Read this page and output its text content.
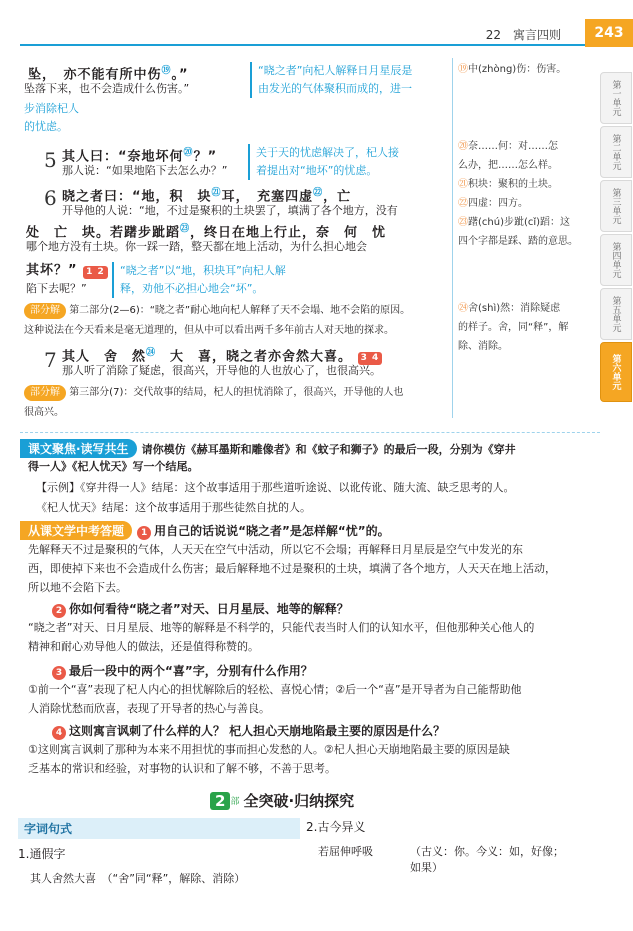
22　寓言四则	243
第一单元
第二单元
第三单元
第四单元
第五单元
第六单元
坠，　亦不能有所中伤⑲。”
坠落下来，也不会造成什么伤害。”
“晓之者”向杞人解释日月星辰是
由发光的气体聚积而成的，进一
步消除杞人
的忧虑。
5 其人曰：“奈地坏何⑳？”
那人说：“如果地陷下去怎么办？”
关于天的忧虑解决了，杞人接
着提出对“地坏”的忧虑。
6 晓之者曰：“地，积　块$^㉑$耳，　充塞四虚$^㉒$，亡
开导他的人说：“地，不过是聚积的土块罢了，填满了各个地方，没有
处　亡　块。若躇步跐蹈$^㉓$，终日在地上行止，奈　何　忧
哪个地方没有土块。你一踩一踏，整天都在地上活动，为什么担心地会
其坏？” 1 2
陷下去呢？”
“晓之者”以“地，积块耳”向杞人解
释，劝他不必担心地会“坏”。
部分解 第二部分(2—6)：“晓之者”耐心地向杞人解释了天不会塌、地不会陷的原因。
这种说法在今天看来是毫无道理的，但从中可以看出两千多年前古人对天地的探求。
7 其人　舍　然$^㉔$　大　喜，晓之者亦舍然大喜。 3 4
那人听了消除了疑虑，很高兴，开导他的人也放心了，也很高兴。
部分解 第三部分(7)：交代故事的结局，杞人的担忧消除了，很高兴，开导他的人也
很高兴。
⑲中(zhòng)伤：伤害。
⑳奈……何：对……怎
么办，把……怎么样。
㉑积块：聚积的土块。
㉒四虚：四方。
㉓躇(chú)步跐(cǐ)蹈：这
四个字都是踩、踏的意思。
㉔舍(shì)然：消除疑虑
的样子。舍，同“释”，解
除、消除。
课文聚焦·读写共生 请你模仿《赫耳墨斯和雕像者》和《蚊子和狮子》的最后一段，分别为《穿井
得一人》《杞人忧天》写一个结尾。
【示例】《穿井得一人》结尾：这个故事适用于那些道听途说、以讹传讹、随大流、缺乏思考的人。
《杞人忧天》结尾：这个故事适用于那些徒然自扰的人。
从课文学中考答题 1 用自己的话说说“晓之者”是怎样解“忧”的。
先解释天不过是聚积的气体，人天天在空气中活动，所以它不会塌；再解释日月星辰是空气中发光的东
西，即使掉下来也不会造成什么伤害；最后解释地不过是聚积的土块，填满了各个地方，人天天在地上活动，
所以地不会陷下去。
2 你如何看待“晓之者”对天、日月星辰、地等的解释？
“晓之者”对天、日月星辰、地等的解释是不科学的，只能代表当时人们的认知水平，但他那种关心他人的
精神和耐心劝导他人的做法，还是值得称赞的。
3 最后一段中的两个“喜”字，分别有什么作用？
①前一个“喜”表现了杞人内心的担忧解除后的轻松、喜悦心情；②后一个“喜”是开导者为自己能帮助他
人消除忧愁而欣喜，表现了开导者的热心与善良。
4 这则寓言讽刺了什么样的人？ 杞人担心天崩地陷最主要的原因是什么？
①这则寓言讽刺了那种为本来不用担忧的事而担心发愁的人。②杞人担心天崩地陷最主要的原因是缺
乏基本的常识和经验，对事物的认识和了解不够，不善于思考。
2 部 全突破·归纳探究
字词句式
1.通假字
其人舍然大喜　 （“舍”同“释”，解除、消除）
2.古今异义
若屈伸呼吸	（古义：你。今义：如，好像；
如果）
